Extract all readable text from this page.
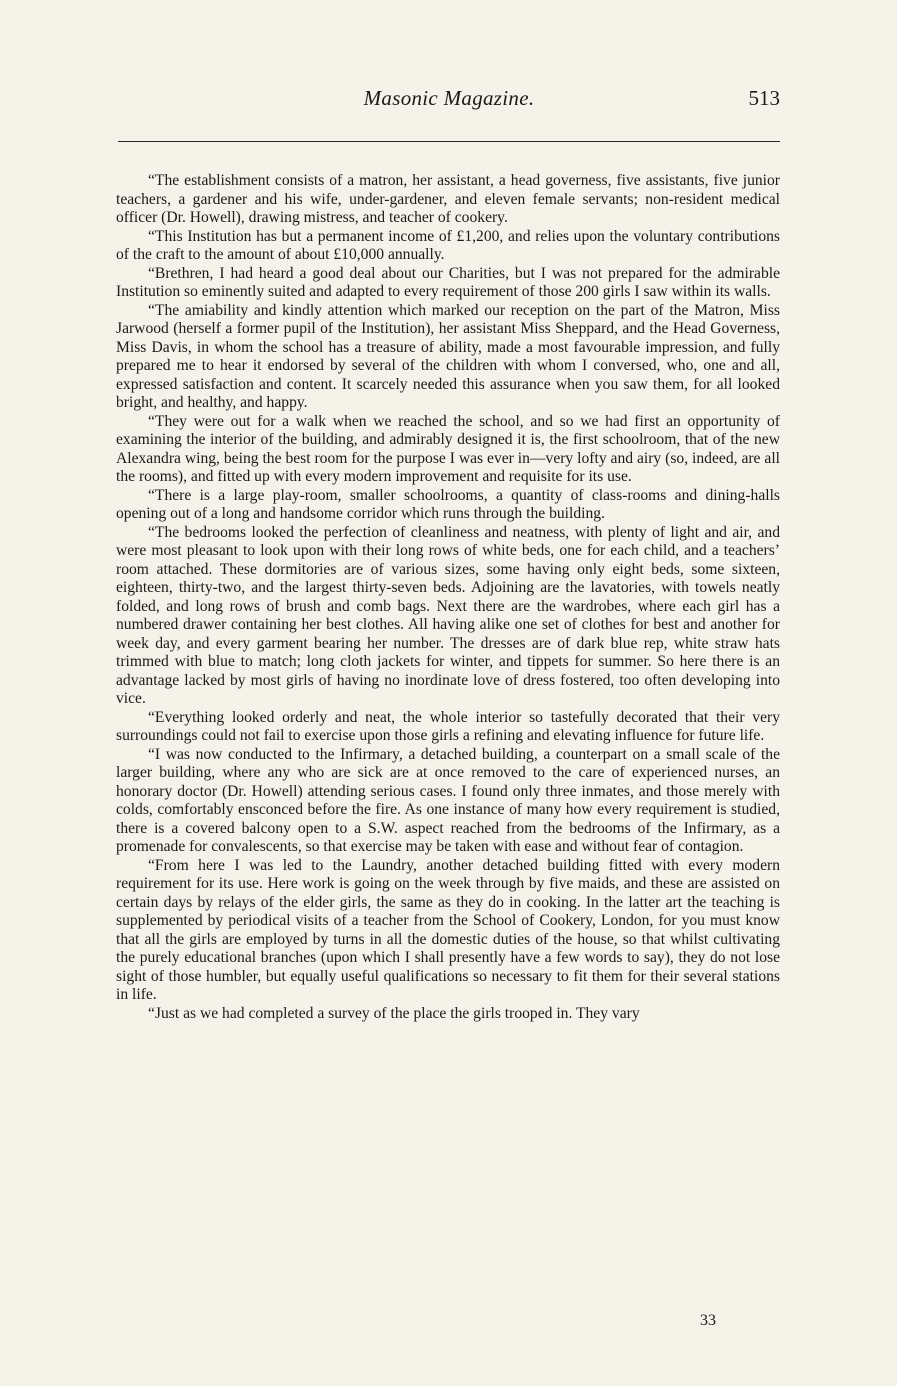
Masonic Magazine.	513

“The establishment consists of a matron, her assistant, a head governess, five assistants, five junior teachers, a gardener and his wife, under-gardener, and eleven female servants; non-resident medical officer (Dr. Howell), drawing mistress, and teacher of cookery.

“This Institution has but a permanent income of £1,200, and relies upon the voluntary contributions of the craft to the amount of about £10,000 annually.

“Brethren, I had heard a good deal about our Charities, but I was not prepared for the admirable Institution so eminently suited and adapted to every requirement of those 200 girls I saw within its walls.

“The amiability and kindly attention which marked our reception on the part of the Matron, Miss Jarwood (herself a former pupil of the Institution), her assistant Miss Sheppard, and the Head Governess, Miss Davis, in whom the school has a treasure of ability, made a most favourable impression, and fully prepared me to hear it endorsed by several of the children with whom I conversed, who, one and all, expressed satisfaction and content. It scarcely needed this assurance when you saw them, for all looked bright, and healthy, and happy.

“They were out for a walk when we reached the school, and so we had first an opportunity of examining the interior of the building, and admirably designed it is, the first schoolroom, that of the new Alexandra wing, being the best room for the purpose I was ever in—very lofty and airy (so, indeed, are all the rooms), and fitted up with every modern improvement and requisite for its use.

“There is a large play-room, smaller schoolrooms, a quantity of class-rooms and dining-halls opening out of a long and handsome corridor which runs through the building.

“The bedrooms looked the perfection of cleanliness and neatness, with plenty of light and air, and were most pleasant to look upon with their long rows of white beds, one for each child, and a teachers’ room attached. These dormitories are of various sizes, some having only eight beds, some sixteen, eighteen, thirty-two, and the largest thirty-seven beds. Adjoining are the lavatories, with towels neatly folded, and long rows of brush and comb bags. Next there are the wardrobes, where each girl has a numbered drawer containing her best clothes. All having alike one set of clothes for best and another for week day, and every garment bearing her number. The dresses are of dark blue rep, white straw hats trimmed with blue to match; long cloth jackets for winter, and tippets for summer. So here there is an advantage lacked by most girls of having no inordinate love of dress fostered, too often developing into vice.

“Everything looked orderly and neat, the whole interior so tastefully decorated that their very surroundings could not fail to exercise upon those girls a refining and elevating influence for future life.

“I was now conducted to the Infirmary, a detached building, a counterpart on a small scale of the larger building, where any who are sick are at once removed to the care of experienced nurses, an honorary doctor (Dr. Howell) attending serious cases. I found only three inmates, and those merely with colds, comfortably ensconced before the fire. As one instance of many how every requirement is studied, there is a covered balcony open to a S.W. aspect reached from the bedrooms of the Infirmary, as a promenade for convalescents, so that exercise may be taken with ease and without fear of contagion.

“From here I was led to the Laundry, another detached building fitted with every modern requirement for its use. Here work is going on the week through by five maids, and these are assisted on certain days by relays of the elder girls, the same as they do in cooking. In the latter art the teaching is supplemented by periodical visits of a teacher from the School of Cookery, London, for you must know that all the girls are employed by turns in all the domestic duties of the house, so that whilst cultivating the purely educational branches (upon which I shall presently have a few words to say), they do not lose sight of those humbler, but equally useful qualifications so necessary to fit them for their several stations in life.

“Just as we had completed a survey of the place the girls trooped in. They vary

33
